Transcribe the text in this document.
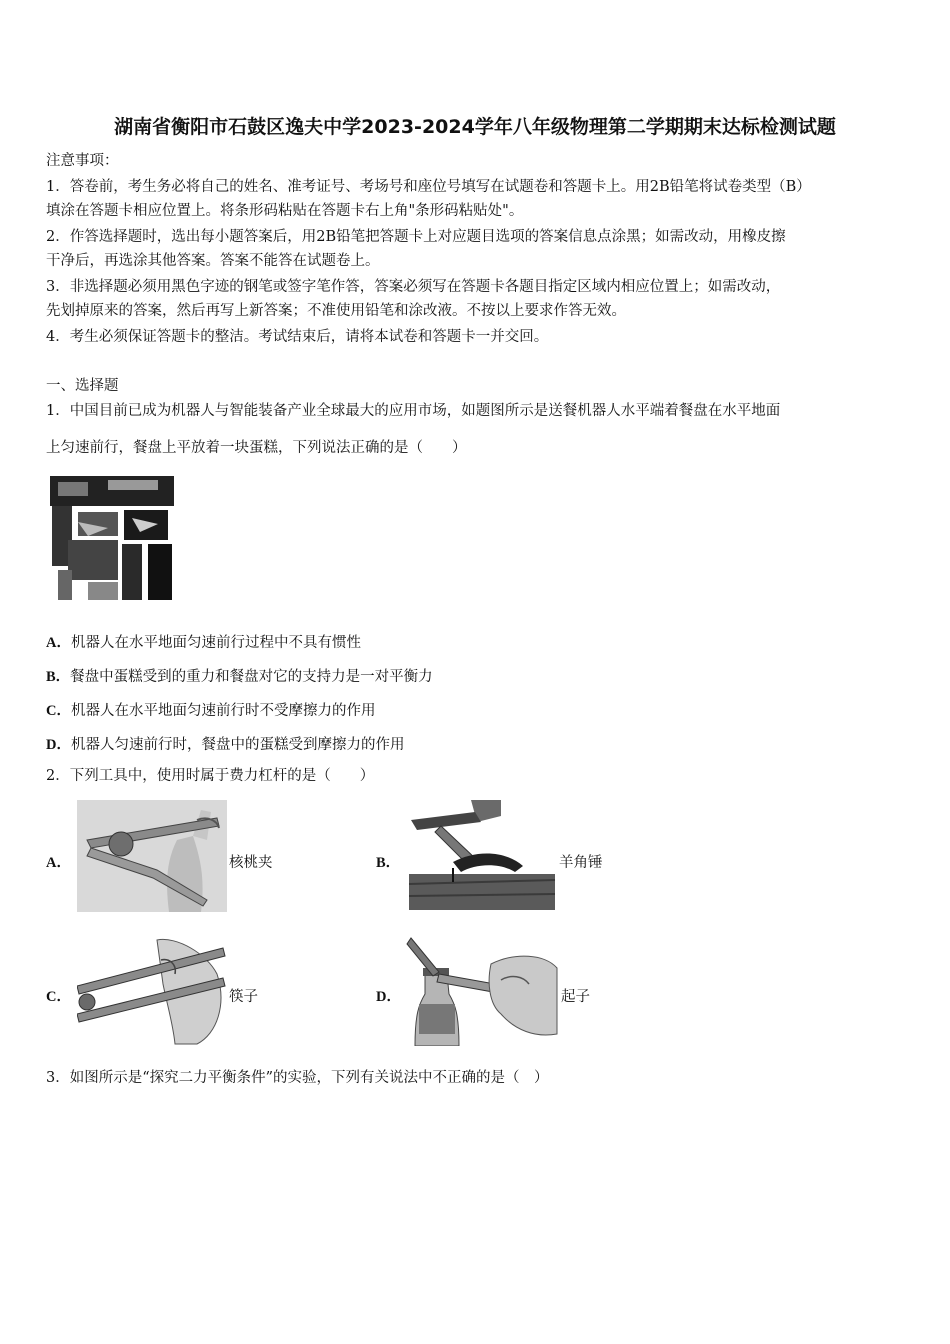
湖南省衡阳市石鼓区逸夫中学2023-2024学年八年级物理第二学期期末达标检测试题
注意事项：
1．答卷前，考生务必将自己的姓名、准考证号、考场号和座位号填写在试题卷和答题卡上。用2B铅笔将试卷类型（B）
填涂在答题卡相应位置上。将条形码粘贴在答题卡右上角"条形码粘贴处"。
2．作答选择题时，选出每小题答案后，用2B铅笔把答题卡上对应题目选项的答案信息点涂黑；如需改动，用橡皮擦
干净后，再选涂其他答案。答案不能答在试题卷上。
3．非选择题必须用黑色字迹的钢笔或签字笔作答，答案必须写在答题卡各题目指定区域内相应位置上；如需改动，
先划掉原来的答案，然后再写上新答案；不准使用铅笔和涂改液。不按以上要求作答无效。
4．考生必须保证答题卡的整洁。考试结束后，请将本试卷和答题卡一并交回。
一、选择题
1．中国目前已成为机器人与智能装备产业全球最大的应用市场，如题图所示是送餐机器人水平端着餐盘在水平地面
上匀速前行，餐盘上平放着一块蛋糕，下列说法正确的是（　　）
A．机器人在水平地面匀速前行过程中不具有惯性
B．餐盘中蛋糕受到的重力和餐盘对它的支持力是一对平衡力
C．机器人在水平地面匀速前行时不受摩擦力的作用
D．机器人匀速前行时，餐盘中的蛋糕受到摩擦力的作用
2．下列工具中，使用时属于费力杠杆的是（　　）
A．	核桃夹	B．	羊角锤
C．	筷子	D．	起子
3．如图所示是“探究二力平衡条件”的实验，下列有关说法中不正确的是（　）
